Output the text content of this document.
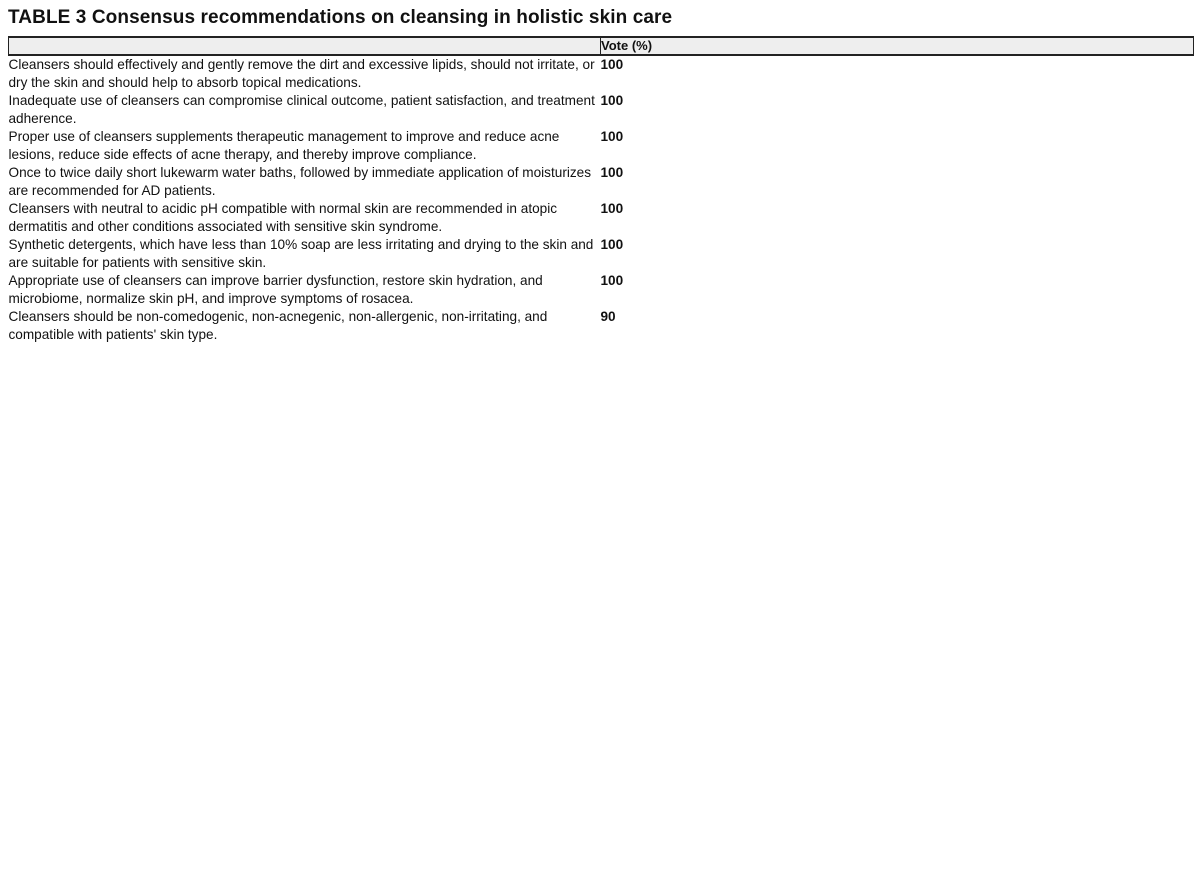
TABLE 3 Consensus recommendations on cleansing in holistic skin care
	Vote (%)
Cleansers should effectively and gently remove the dirt and excessive lipids, should not irritate, or dry the skin and should help to absorb topical medications.	100
Inadequate use of cleansers can compromise clinical outcome, patient satisfaction, and treatment adherence.	100
Proper use of cleansers supplements therapeutic management to improve and reduce acne lesions, reduce side effects of acne therapy, and thereby improve compliance.	100
Once to twice daily short lukewarm water baths, followed by immediate application of moisturizes are recommended for AD patients.	100
Cleansers with neutral to acidic pH compatible with normal skin are recommended in atopic dermatitis and other conditions associated with sensitive skin syndrome.	100
Synthetic detergents, which have less than 10% soap are less irritating and drying to the skin and are suitable for patients with sensitive skin.	100
Appropriate use of cleansers can improve barrier dysfunction, restore skin hydration, and microbiome, normalize skin pH, and improve symptoms of rosacea.	100
Cleansers should be non-comedogenic, non-acnegenic, non-allergenic, non-irritating, and compatible with patients' skin type.	90
